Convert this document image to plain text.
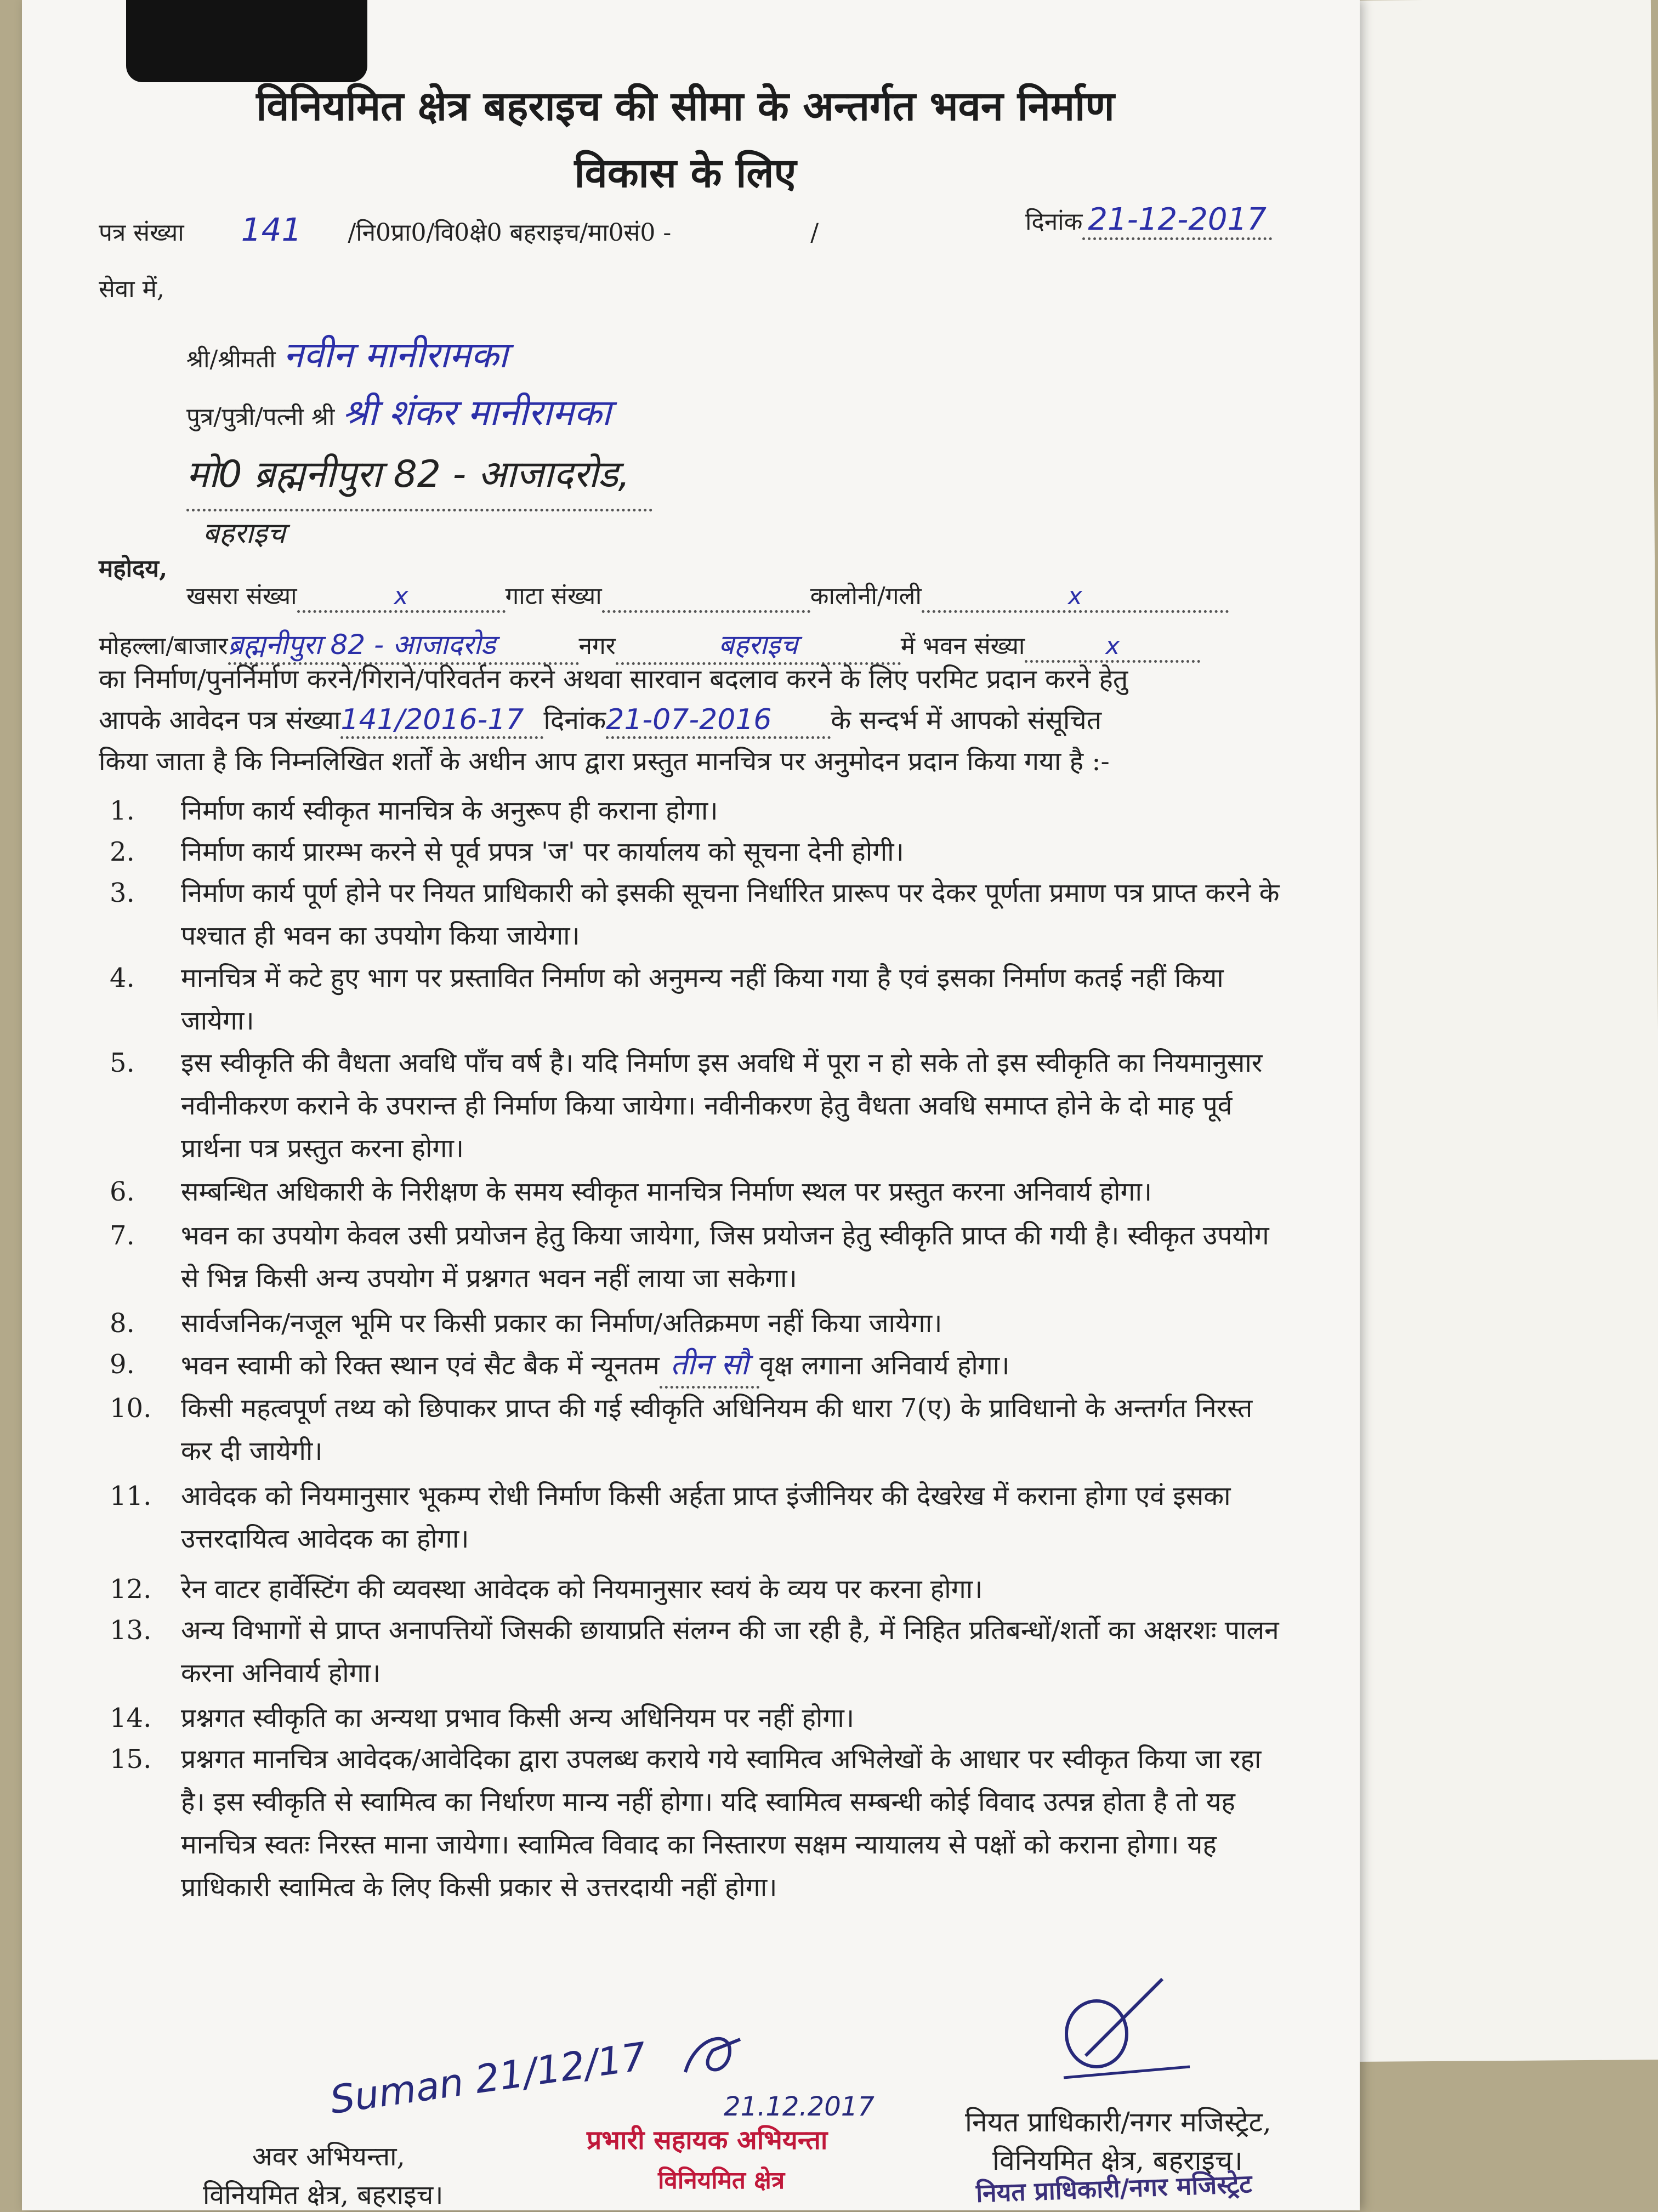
विनियमित क्षेत्र बहराइच की सीमा के अन्तर्गत भवन निर्माण
विकास के लिए
पत्र संख्या 141 /नि0प्रा0/वि0क्षे0 बहराइच/मा0सं0 -	/	दिनांक 21-12-2017
सेवा में,
श्री/श्रीमती नवीन मानीरामका
पुत्र/पुत्री/पत्नी श्री श्री शंकर मानीरामका
मो0 ब्रह्मनीपुरा 82 - आजादरोड,
बहराइच
महोदय,
खसरा संख्या	x	गाटा संख्या	कालोनी/गली	x
मोहल्ला/बाजारब्रह्मनीपुरा 82 - आजादरोड	नगर	बहराइच	में भवन संख्या	x
का निर्माण/पुनर्निर्माण करने/गिराने/परिवर्तन करने अथवा सारवान बदलाव करने के लिए परमिट प्रदान करने हेतु
आपके आवेदन पत्र संख्या141/2016-17 दिनांक21-07-2016 के सन्दर्भ में आपको संसूचित
किया जाता है कि निम्नलिखित शर्तों के अधीन आप द्वारा प्रस्तुत मानचित्र पर अनुमोदन प्रदान किया गया है :-
1.	निर्माण कार्य स्वीकृत मानचित्र के अनुरूप ही कराना होगा।
2.	निर्माण कार्य प्रारम्भ करने से पूर्व प्रपत्र 'ज' पर कार्यालय को सूचना देनी होगी।
3.	निर्माण कार्य पूर्ण होने पर नियत प्राधिकारी को इसकी सूचना निर्धारित प्रारूप पर देकर पूर्णता प्रमाण पत्र प्राप्त करने के पश्चात ही भवन का उपयोग किया जायेगा।
4.	मानचित्र में कटे हुए भाग पर प्रस्तावित निर्माण को अनुमन्य नहीं किया गया है एवं इसका निर्माण कतई नहीं किया जायेगा।
5.	इस स्वीकृति की वैधता अवधि पाँच वर्ष है। यदि निर्माण इस अवधि में पूरा न हो सके तो इस स्वीकृति का नियमानुसार नवीनीकरण कराने के उपरान्त ही निर्माण किया जायेगा। नवीनीकरण हेतु वैधता अवधि समाप्त होने के दो माह पूर्व प्रार्थना पत्र प्रस्तुत करना होगा।
6.	सम्बन्धित अधिकारी के निरीक्षण के समय स्वीकृत मानचित्र निर्माण स्थल पर प्रस्तुत करना अनिवार्य होगा।
7.	भवन का उपयोग केवल उसी प्रयोजन हेतु किया जायेगा, जिस प्रयोजन हेतु स्वीकृति प्राप्त की गयी है। स्वीकृत उपयोग से भिन्न किसी अन्य उपयोग में प्रश्नगत भवन नहीं लाया जा सकेगा।
8.	सार्वजनिक/नजूल भूमि पर किसी प्रकार का निर्माण/अतिक्रमण नहीं किया जायेगा।
9.	भवन स्वामी को रिक्त स्थान एवं सैट बैक में न्यूनतम तीन सौ वृक्ष लगाना अनिवार्य होगा।
10.	किसी महत्वपूर्ण तथ्य को छिपाकर प्राप्त की गई स्वीकृति अधिनियम की धारा 7(ए) के प्राविधानो के अन्तर्गत निरस्त कर दी जायेगी।
11.	आवेदक को नियमानुसार भूकम्प रोधी निर्माण किसी अर्हता प्राप्त इंजीनियर की देखरेख में कराना होगा एवं इसका उत्तरदायित्व आवेदक का होगा।
12.	रेन वाटर हार्वेस्टिंग की व्यवस्था आवेदक को नियमानुसार स्वयं के व्यय पर करना होगा।
13.	अन्य विभागों से प्राप्त अनापत्तियों जिसकी छायाप्रति संलग्न की जा रही है, में निहित प्रतिबन्धों/शर्तो का अक्षरशः पालन करना अनिवार्य होगा।
14.	प्रश्नगत स्वीकृति का अन्यथा प्रभाव किसी अन्य अधिनियम पर नहीं होगा।
15.	प्रश्नगत मानचित्र आवेदक/आवेदिका द्वारा उपलब्ध कराये गये स्वामित्व अभिलेखों के आधार पर स्वीकृत किया जा रहा है। इस स्वीकृति से स्वामित्व का निर्धारण मान्य नहीं होगा। यदि स्वामित्व सम्बन्धी कोई विवाद उत्पन्न होता है तो यह मानचित्र स्वतः निरस्त माना जायेगा। स्वामित्व विवाद का निस्तारण सक्षम न्यायालय से पक्षों को कराना होगा। यह प्राधिकारी स्वामित्व के लिए किसी प्रकार से उत्तरदायी नहीं होगा।
Suman 21/12/17
अवर अभियन्ता,
विनियमित क्षेत्र, बहराइच।
21.12.2017
प्रभारी सहायक अभियन्ता
विनियमित क्षेत्र
नियत प्राधिकारी/नगर मजिस्ट्रेट,
विनियमित क्षेत्र, बहराइच।
नियत प्राधिकारी/नगर मजिस्ट्रेट
